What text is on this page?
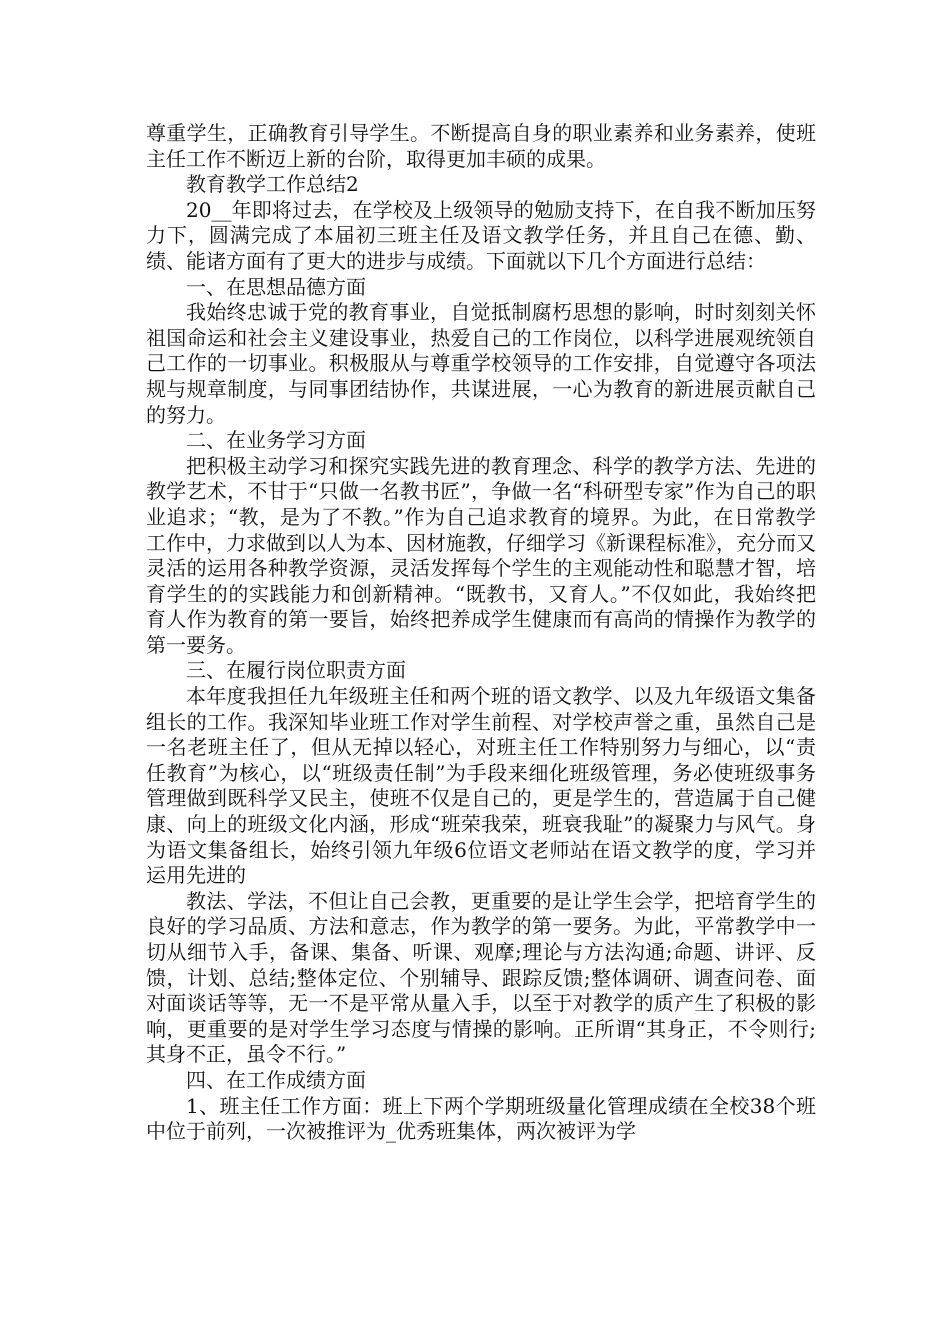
尊重学生，正确教育引导学生。不断提高自身的职业素养和业务素养，使班主任工作不断迈上新的台阶，取得更加丰硕的成果。

教育教学工作总结2

20__年即将过去，在学校及上级领导的勉励支持下，在自我不断加压努力下，圆满完成了本届初三班主任及语文教学任务，并且自己在德、勤、绩、能诸方面有了更大的进步与成绩。下面就以下几个方面进行总结：

一、在思想品德方面

我始终忠诚于党的教育事业，自觉抵制腐朽思想的影响，时时刻刻关怀祖国命运和社会主义建设事业，热爱自己的工作岗位，以科学进展观统领自己工作的一切事业。积极服从与尊重学校领导的工作安排，自觉遵守各项法规与规章制度，与同事团结协作，共谋进展，一心为教育的新进展贡献自己的努力。

二、在业务学习方面

把积极主动学习和探究实践先进的教育理念、科学的教学方法、先进的教学艺术，不甘于“只做一名教书匠”，争做一名“科研型专家”作为自己的职业追求；“教，是为了不教。”作为自己追求教育的境界。为此，在日常教学工作中，力求做到以人为本、因材施教，仔细学习《新课程标准》，充分而又灵活的运用各种教学资源，灵活发挥每个学生的主观能动性和聪慧才智，培育学生的的实践能力和创新精神。“既教书，又育人。”不仅如此，我始终把育人作为教育的第一要旨，始终把养成学生健康而有高尚的情操作为教学的第一要务。

三、在履行岗位职责方面

本年度我担任九年级班主任和两个班的语文教学、以及九年级语文集备组长的工作。我深知毕业班工作对学生前程、对学校声誉之重，虽然自己是一名老班主任了，但从无掉以轻心，对班主任工作特别努力与细心，以“责任教育”为核心，以“班级责任制”为手段来细化班级管理，务必使班级事务管理做到既科学又民主，使班不仅是自己的，更是学生的，营造属于自己健康、向上的班级文化内涵，形成“班荣我荣，班衰我耻”的凝聚力与风气。身为语文集备组长，始终引领九年级6位语文老师站在语文教学的度，学习并运用先进的

教法、学法，不但让自己会教，更重要的是让学生会学，把培育学生的良好的学习品质、方法和意志，作为教学的第一要务。为此，平常教学中一切从细节入手，备课、集备、听课、观摩;理论与方法沟通;命题、讲评、反馈，计划、总结;整体定位、个别辅导、跟踪反馈;整体调研、调查问卷、面对面谈话等等，无一不是平常从量入手，以至于对教学的质产生了积极的影响，更重要的是对学生学习态度与情操的影响。正所谓“其身正，不令则行;其身不正，虽令不行。”

四、在工作成绩方面

1、班主任工作方面：班上下两个学期班级量化管理成绩在全校38个班中位于前列，一次被推评为_优秀班集体，两次被评为学
